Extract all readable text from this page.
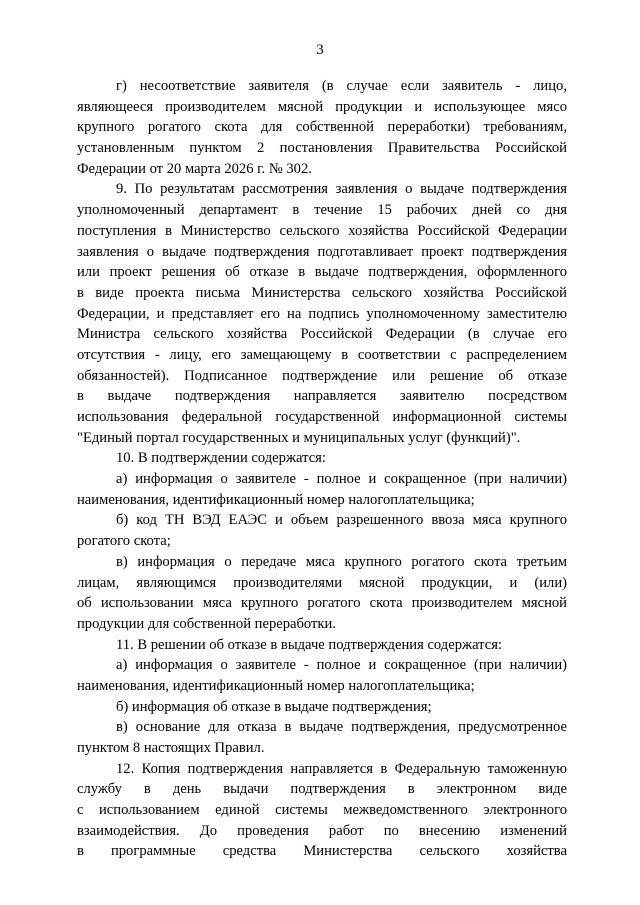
3
г) несоответствие заявителя (в случае если заявитель - лицо,
являющееся производителем мясной продукции и использующее мясо
крупного рогатого скота для собственной переработки) требованиям,
установленным пунктом 2 постановления Правительства Российской
Федерации от 20 марта 2026 г. № 302.
9. По результатам рассмотрения заявления о выдаче подтверждения
уполномоченный департамент в течение 15 рабочих дней со дня
поступления в Министерство сельского хозяйства Российской Федерации
заявления о выдаче подтверждения подготавливает проект подтверждения
или проект решения об отказе в выдаче подтверждения, оформленного
в виде проекта письма Министерства сельского хозяйства Российской
Федерации, и представляет его на подпись уполномоченному заместителю
Министра сельского хозяйства Российской Федерации (в случае его
отсутствия - лицу, его замещающему в соответствии с распределением
обязанностей). Подписанное подтверждение или решение об отказе
в выдаче подтверждения направляется заявителю посредством
использования федеральной государственной информационной системы
"Единый портал государственных и муниципальных услуг (функций)".
10. В подтверждении содержатся:
а) информация о заявителе - полное и сокращенное (при наличии)
наименования, идентификационный номер налогоплательщика;
б) код ТН ВЭД ЕАЭС и объем разрешенного ввоза мяса крупного
рогатого скота;
в) информация о передаче мяса крупного рогатого скота третьим
лицам, являющимся производителями мясной продукции, и (или)
об использовании мяса крупного рогатого скота производителем мясной
продукции для собственной переработки.
11. В решении об отказе в выдаче подтверждения содержатся:
а) информация о заявителе - полное и сокращенное (при наличии)
наименования, идентификационный номер налогоплательщика;
б) информация об отказе в выдаче подтверждения;
в) основание для отказа в выдаче подтверждения, предусмотренное
пунктом 8 настоящих Правил.
12. Копия подтверждения направляется в Федеральную таможенную
службу в день выдачи подтверждения в электронном виде
с использованием единой системы межведомственного электронного
взаимодействия. До проведения работ по внесению изменений
в программные средства Министерства сельского хозяйства
